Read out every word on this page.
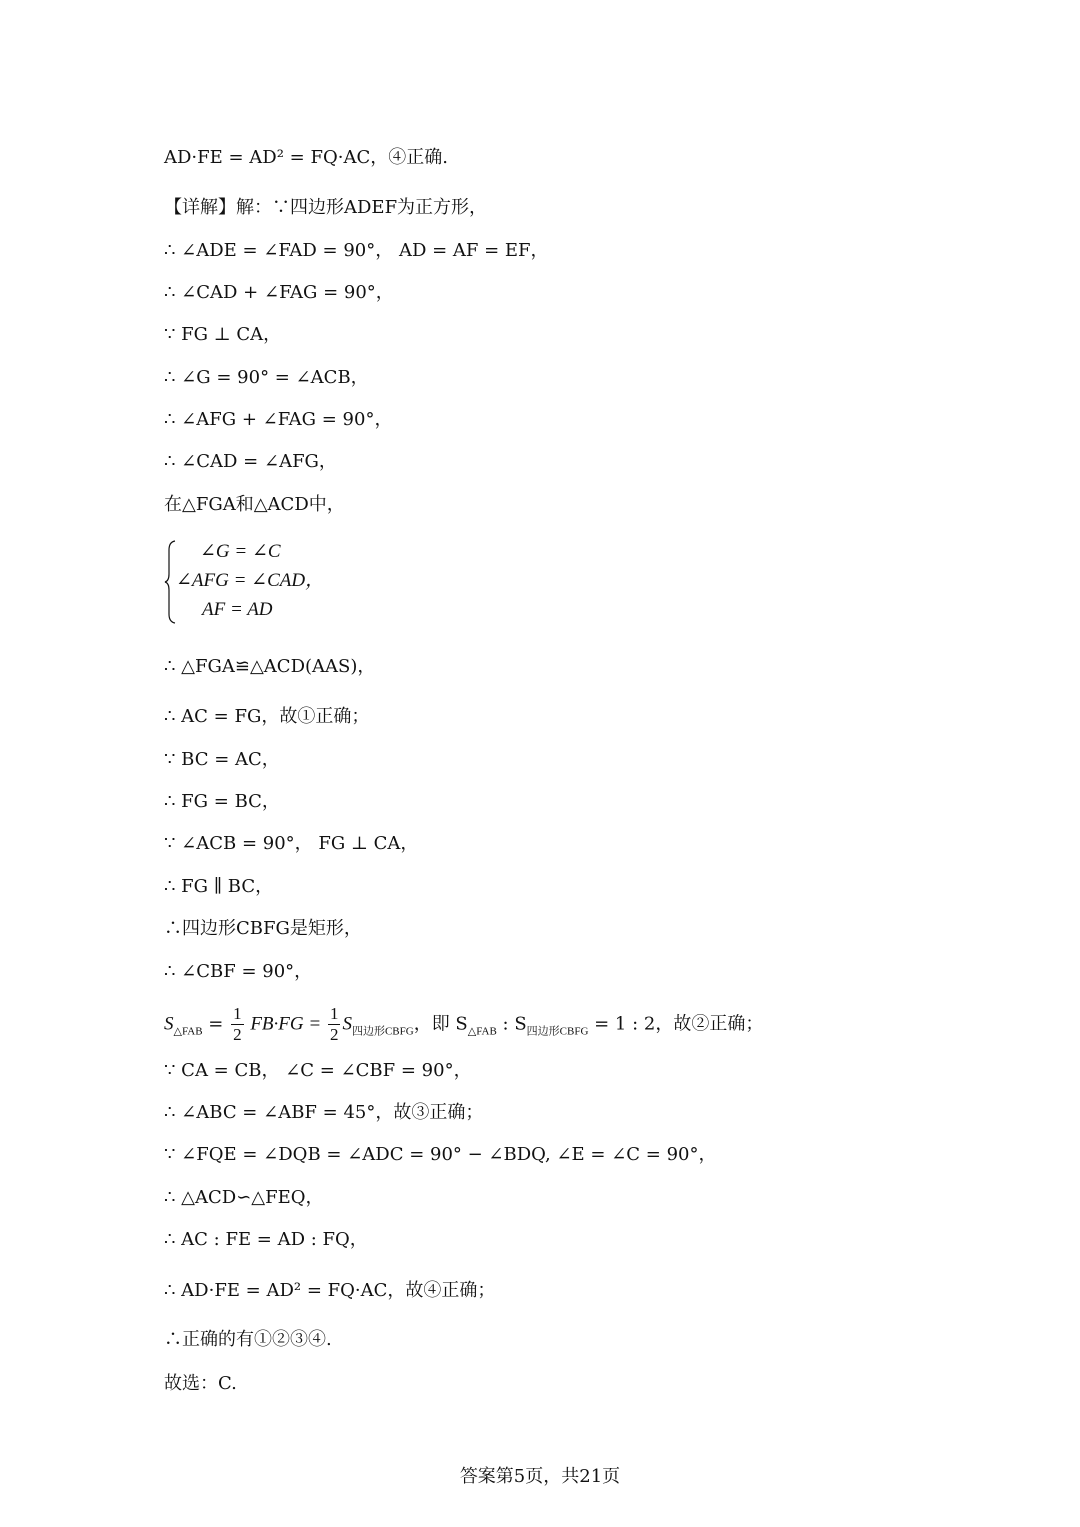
AD·FE = AD² = FQ·AC，④正确.
【详解】解：∵四边形ADEF为正方形，
∴ ∠ADE = ∠FAD = 90°， AD = AF = EF，
∴ ∠CAD + ∠FAG = 90°，
∵ FG ⊥ CA，
∴ ∠G = 90° = ∠ACB，
∴ ∠AFG + ∠FAG = 90°，
∴ ∠CAD = ∠AFG，
在△FGA和△ACD中，
∠G = ∠C
∠AFG = ∠CAD，
AF = AD
∴ △FGA≌△ACD(AAS)，
∴ AC = FG，故①正确；
∵ BC = AC，
∴ FG = BC，
∵ ∠ACB = 90°， FG ⊥ CA，
∴ FG ∥ BC，
∴四边形CBFG是矩形，
∴ ∠CBF = 90°，
$S_{\triangle FAB} = \frac{1}{2} FB\cdot FG = \frac{1}{2} S_{四边形CBFG}$，即 $S_{\triangle FAB}$ : $S_{四边形CBFG} = 1$ : 2，故②正确；
∵ CA = CB， ∠C = ∠CBF = 90°，
∴ ∠ABC = ∠ABF = 45°，故③正确；
∵ ∠FQE = ∠DQB = ∠ADC = 90° − ∠BDQ, ∠E = ∠C = 90°，
∴ △ACD∽△FEQ，
∴ AC : FE = AD : FQ，
∴ AD·FE = AD² = FQ·AC，故④正确；
∴正确的有①②③④.
故选：C.
答案第5页，共21页
